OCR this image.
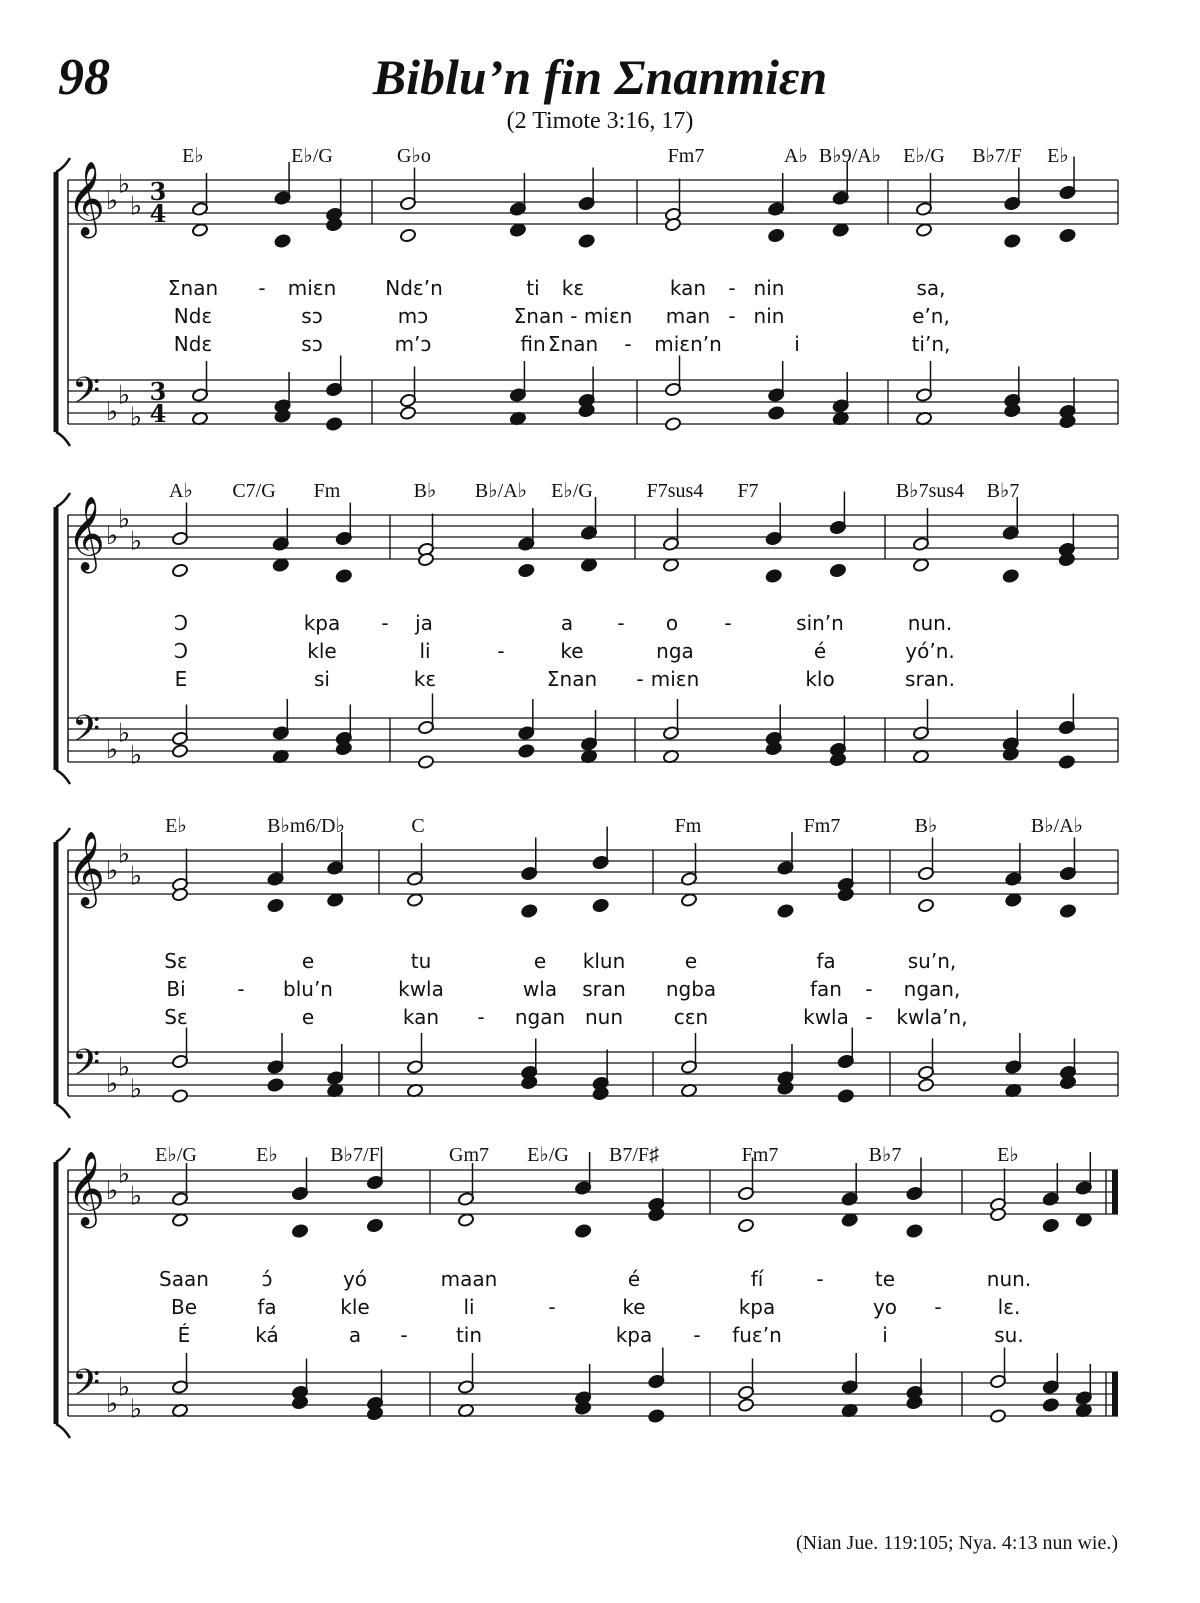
98	Biblu’n fin Ʃnanmiɛn
(2 Timote 3:16, 17)
𝄞
𝄢
♭
♭
♭
♭
♭
♭
3
4
3
4
E♭	E♭/G	G♭o	Fm7	A♭ B♭9/A♭ E♭/G B♭7/F E♭
Ʃnan - miɛn Ndɛ’n	ti kɛ	kan - nin	sa,
Ndɛ	sɔ	mɔ	Ʃnan - miɛn man - nin	e’n,
Ndɛ	sɔ	m’ɔ	fin Ʃnan - miɛn’n	i	ti’n,
𝄞
𝄢
♭
♭
♭
♭
♭
♭
A♭ C7/G Fm	B♭ B♭/A♭ E♭/G	F7sus4 F7	B♭7sus4 B♭7
Ɔ	kpa - ja	a - o -	sin’n	nun.
Ɔ	kle	li	-	ke	nga	é	yó’n.
E	si	kɛ	Ʃnan - miɛn	klo	sran.
𝄞
𝄢
♭
♭
♭
♭
♭
♭
E♭	B♭m6/D♭	C	Fm	Fm7	B♭	B♭/A♭
Sɛ	e	tu	e klun	e	fa	su’n,
Bi	- blu’n	kwla	wla sran ngba	fan - ngan,
Sɛ	e	kan - ngan nun	cɛn	kwla - kwla’n,
𝄞
𝄢
♭
♭
♭
♭
♭
♭
E♭/G	E♭	B♭7/F	Gm7 E♭/G B7/F♯	Fm7	B♭7	E♭
Saan	ɔ́	yó	maan	é	fí	-	te	nun.
Be	fa	kle	li	-	ke	kpa	yo -	lɛ.
É	ká	a - tin	kpa - fuɛ’n	i	su.
(Nian Jue. 119:105; Nya. 4:13 nun wie.)
